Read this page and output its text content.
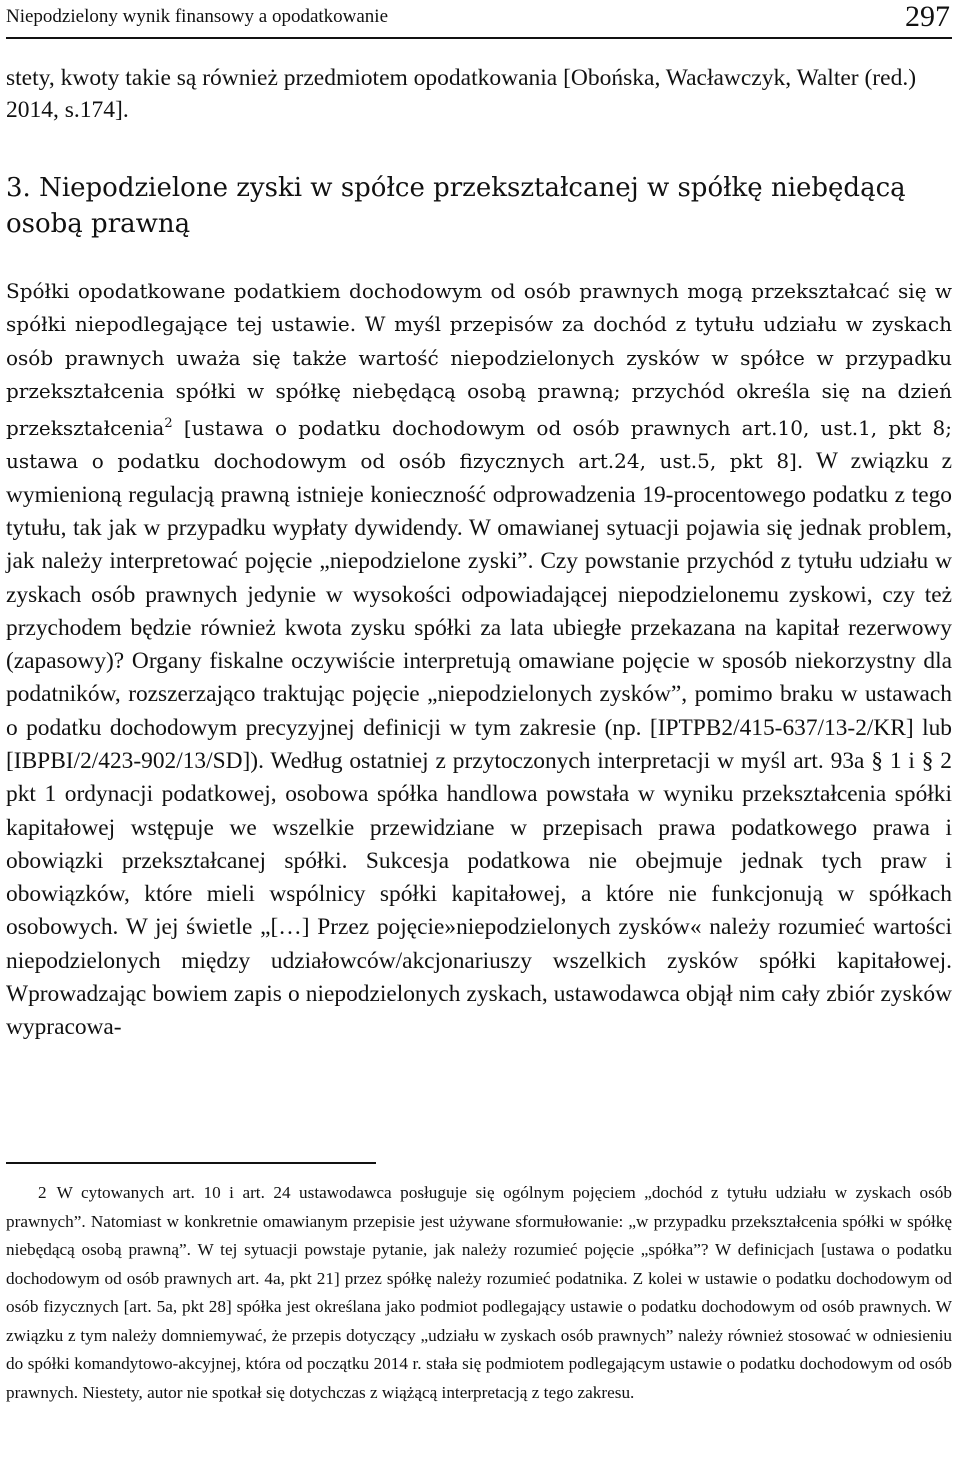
Niepodzielony wynik finansowy a opodatkowanie	297
stety, kwoty takie są również przedmiotem opodatkowania [Obońska, Wacławczyk, Walter (red.) 2014, s.174].
3. Niepodzielone zyski w spółce przekształcanej w spółkę niebędącą osobą prawną
Spółki opodatkowane podatkiem dochodowym od osób prawnych mogą przekształcać się w spółki niepodlegające tej ustawie. W myśl przepisów za dochód z tytułu udziału w zyskach osób prawnych uważa się także wartość niepodzielonych zysków w spółce w przypadku przekształcenia spółki w spółkę niebędącą osobą prawną; przychód określa się na dzień przekształcenia$^2$ [ustawa o podatku dochodowym od osób prawnych art.10, ust.1, pkt 8; ustawa o podatku dochodowym od osób fizycznych art.24, ust.5, pkt 8]. W związku z wymienioną regulacją prawną istnieje konieczność odprowadzenia 19-procentowego podatku z tego tytułu, tak jak w przypadku wypłaty dywidendy. W omawianej sytuacji pojawia się jednak problem, jak należy interpretować pojęcie „niepodzielone zyski”. Czy powstanie przychód z tytułu udziału w zyskach osób prawnych jedynie w wysokości odpowiadającej niepodzielonemu zyskowi, czy też przychodem będzie również kwota zysku spółki za lata ubiegłe przekazana na kapitał rezerwowy (zapasowy)? Organy fiskalne oczywiście interpretują omawiane pojęcie w sposób niekorzystny dla podatników, rozszerzająco traktując pojęcie „niepodzielonych zysków”, pomimo braku w ustawach o podatku dochodowym precyzyjnej definicji w tym zakresie (np. [IPTPB2/415-637/13-2/KR] lub [IBPBI/2/423-902/13/SD]). Według ostatniej z przytoczonych interpretacji w myśl art. 93a § 1 i § 2 pkt 1 ordynacji podatkowej, osobowa spółka handlowa powstała w wyniku przekształcenia spółki kapitałowej wstępuje we wszelkie przewidziane w przepisach prawa podatkowego prawa i obowiązki przekształcanej spółki. Sukcesja podatkowa nie obejmuje jednak tych praw i obowiązków, które mieli wspólnicy spółki kapitałowej, a które nie funkcjonują w spółkach osobowych. W jej świetle „[…] Przez pojęcie»niepodzielonych zysków« należy rozumieć wartości niepodzielonych między udziałowców/akcjonariuszy wszelkich zysków spółki kapitałowej. Wprowadzając bowiem zapis o niepodzielonych zyskach, ustawodawca objął nim cały zbiór zysków wypracowa-
2 W cytowanych art. 10 i art. 24 ustawodawca posługuje się ogólnym pojęciem „dochód z tytułu udziału w zyskach osób prawnych”. Natomiast w konkretnie omawianym przepisie jest używane sformułowanie: „w przypadku przekształcenia spółki w spółkę niebędącą osobą prawną”. W tej sytuacji powstaje pytanie, jak należy rozumieć pojęcie „spółka”? W definicjach [ustawa o podatku dochodowym od osób prawnych art. 4a, pkt 21] przez spółkę należy rozumieć podatnika. Z kolei w ustawie o podatku dochodowym od osób fizycznych [art. 5a, pkt 28] spółka jest określana jako podmiot podlegający ustawie o podatku dochodowym od osób prawnych. W związku z tym należy domniemywać, że przepis dotyczący „udziału w zyskach osób prawnych” należy również stosować w odniesieniu do spółki komandytowo-akcyjnej, która od początku 2014 r. stała się podmiotem podlegającym ustawie o podatku dochodowym od osób prawnych. Niestety, autor nie spotkał się dotychczas z wiążącą interpretacją z tego zakresu.
